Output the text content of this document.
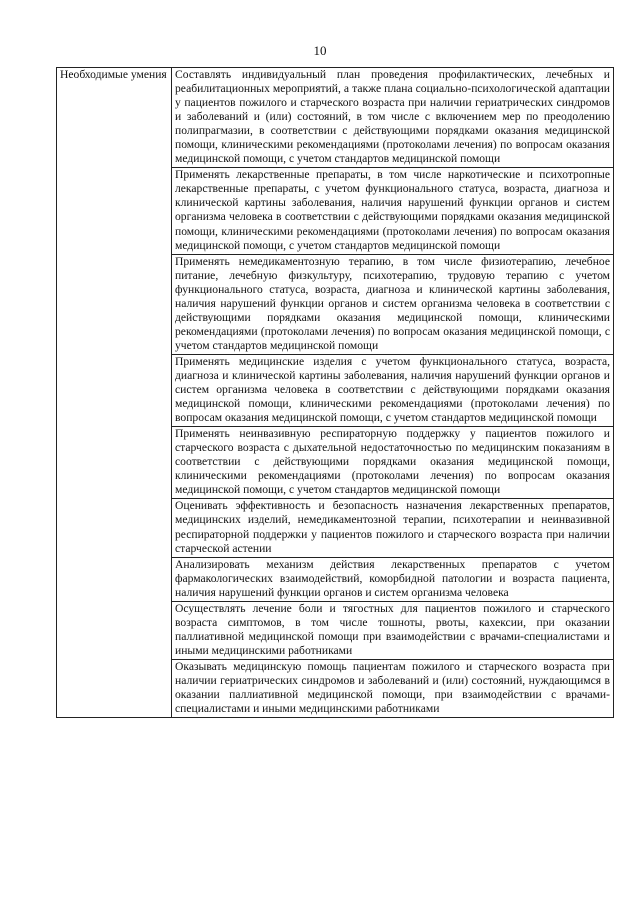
10
Необходимые умения	Составлять индивидуальный план проведения профилактических, лечебных и реабилитационных мероприятий, а также плана социально-психологической адаптации у пациентов пожилого и старческого возраста при наличии гериатрических синдромов и заболеваний и (или) состояний, в том числе с включением мер по преодолению полипрагмазии, в соответствии с действующими порядками оказания медицинской помощи, клиническими рекомендациями (протоколами лечения) по вопросам оказания медицинской помощи, с учетом стандартов медицинской помощи
Применять лекарственные препараты, в том числе наркотические и психотропные лекарственные препараты, с учетом функционального статуса, возраста, диагноза и клинической картины заболевания, наличия нарушений функции органов и систем организма человека в соответствии с действующими порядками оказания медицинской помощи, клиническими рекомендациями (протоколами лечения) по вопросам оказания медицинской помощи, с учетом стандартов медицинской помощи
Применять немедикаментозную терапию, в том числе физиотерапию, лечебное питание, лечебную физкультуру, психотерапию, трудовую терапию с учетом функционального статуса, возраста, диагноза и клинической картины заболевания, наличия нарушений функции органов и систем организма человека в соответствии с действующими порядками оказания медицинской помощи, клиническими рекомендациями (протоколами лечения) по вопросам оказания медицинской помощи, с учетом стандартов медицинской помощи
Применять медицинские изделия с учетом функционального статуса, возраста, диагноза и клинической картины заболевания, наличия нарушений функции органов и систем организма человека в соответствии с действующими порядками оказания медицинской помощи, клиническими рекомендациями (протоколами лечения) по вопросам оказания медицинской помощи, с учетом стандартов медицинской помощи
Применять неинвазивную респираторную поддержку у пациентов пожилого и старческого возраста с дыхательной недостаточностью по медицинским показаниям в соответствии с действующими порядками оказания медицинской помощи, клиническими рекомендациями (протоколами лечения) по вопросам оказания медицинской помощи, с учетом стандартов медицинской помощи
Оценивать эффективность и безопасность назначения лекарственных препаратов, медицинских изделий, немедикаментозной терапии, психотерапии и неинвазивной респираторной поддержки у пациентов пожилого и старческого возраста при наличии старческой астении
Анализировать механизм действия лекарственных препаратов с учетом фармакологических взаимодействий, коморбидной патологии и возраста пациента, наличия нарушений функции органов и систем организма человека
Осуществлять лечение боли и тягостных для пациентов пожилого и старческого возраста симптомов, в том числе тошноты, рвоты, кахексии, при оказании паллиативной медицинской помощи при взаимодействии с врачами-специалистами и иными медицинскими работниками
Оказывать медицинскую помощь пациентам пожилого и старческого возраста при наличии гериатрических синдромов и заболеваний и (или) состояний, нуждающимся в оказании паллиативной медицинской помощи, при взаимодействии с врачами-специалистами и иными медицинскими работниками
